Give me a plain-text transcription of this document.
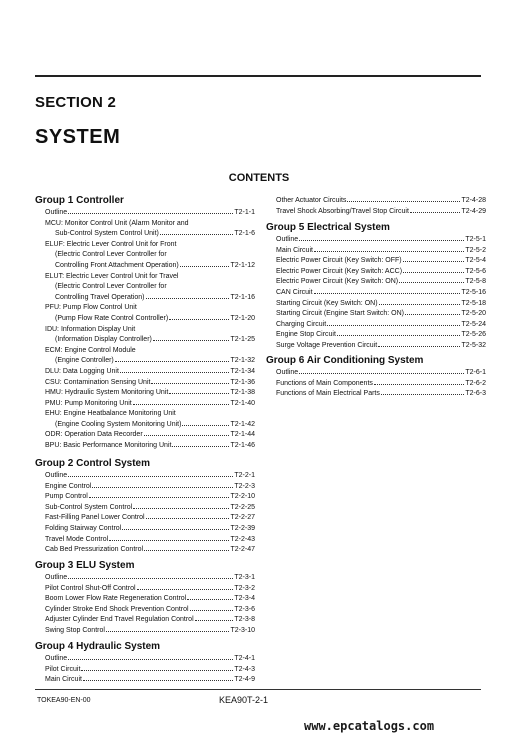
SECTION 2
SYSTEM
CONTENTS
Group 1 Controller
Outline	T2-1-1
MCU: Monitor Control Unit (Alarm Monitor and
Sub-Control System Control Unit)	T2-1-6
ELUF: Electric Lever Control Unit for Front
(Electric Control Lever Controller for
Controlling Front Attachment Operation)	T2-1-12
ELUT: Electric Lever Control Unit for Travel
(Electric Control Lever Controller for
Controlling Travel Operation)	T2-1-16
PFU: Pump Flow Control Unit
(Pump Flow Rate Control Controller)	T2-1-20
IDU: Information Display Unit
(Information Display Controller)	T2-1-25
ECM: Engine Control Module
(Engine Controller)	T2-1-32
DLU: Data Logging Unit	T2-1-34
CSU: Contamination Sensing Unit	T2-1-36
HMU: Hydraulic System Monitoring Unit	T2-1-38
PMU: Pump Monitoring Unit	T2-1-40
EHU: Engine Heatbalance Monitoring Unit
(Engine Cooling System Monitoring Unit)	T2-1-42
ODR: Operation Data Recorder	T2-1-44
BPU: Basic Performance Monitoring Unit	T2-1-46
Group 2 Control System
Outline	T2-2-1
Engine Control	T2-2-3
Pump Control	T2-2-10
Sub-Control System Control	T2-2-25
Fast-Filling Panel Lower Control	T2-2-27
Folding Stairway Control	T2-2-39
Travel Mode Control	T2-2-43
Cab Bed Pressurization Control	T2-2-47
Group 3 ELU System
Outline	T2-3-1
Pilot Control Shut-Off Control	T2-3-2
Boom Lower Flow Rate Regeneration Control	T2-3-4
Cylinder Stroke End Shock Prevention Control	T2-3-6
Adjuster Cylinder End Travel Regulation Control	T2-3-8
Swing Stop Control	T2-3-10
Group 4 Hydraulic System
Outline	T2-4-1
Pilot Circuit	T2-4-3
Main Circuit	T2-4-9
Other Actuator Circuits	T2-4-28
Travel Shock Absorbing/Travel Stop Circuit	T2-4-29
Group 5 Electrical System
Outline	T2-5-1
Main Circuit	T2-5-2
Electric Power Circuit (Key Switch: OFF)	T2-5-4
Electric Power Circuit (Key Switch: ACC)	T2-5-6
Electric Power Circuit (Key Switch: ON)	T2-5-8
CAN Circuit	T2-5-16
Starting Circuit (Key Switch: ON)	T2-5-18
Starting Circuit (Engine Start Switch: ON)	T2-5-20
Charging Circuit	T2-5-24
Engine Stop Circuit	T2-5-26
Surge Voltage Prevention Circuit	T2-5-32
Group 6 Air Conditioning System
Outline	T2-6-1
Functions of Main Components	T2-6-2
Functions of Main Electrical Parts	T2-6-3
TOKEA90-EN-00	KEA90T-2-1
www.epcatalogs.com
